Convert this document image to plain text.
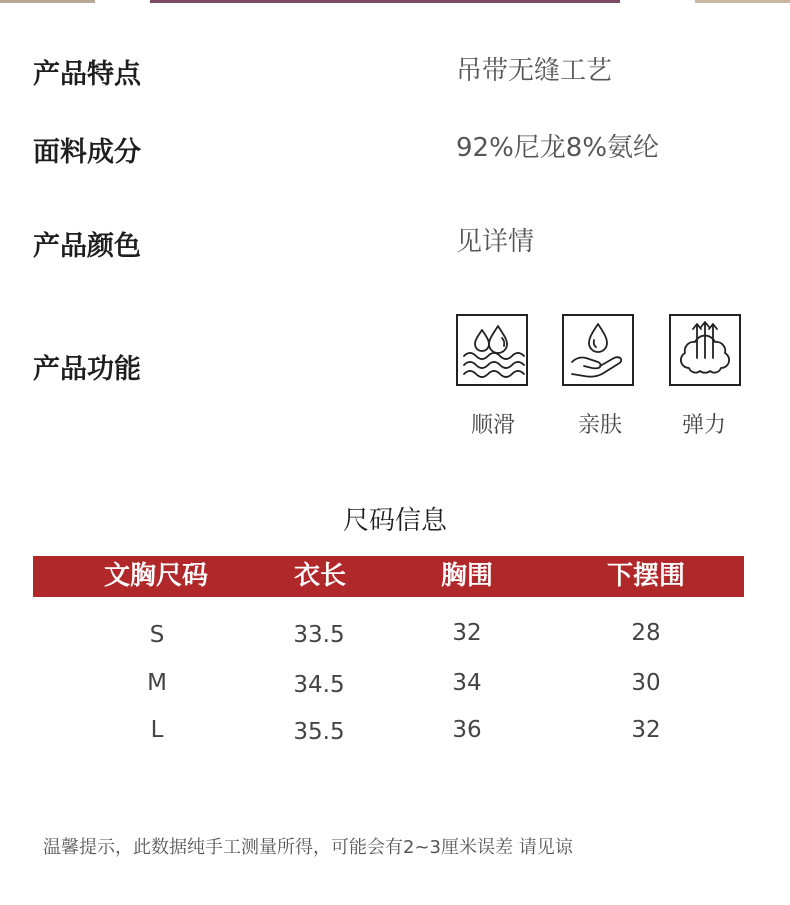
产品特点	吊带无缝工艺
面料成分	92%尼龙8%氨纶
产品颜色	见详情
产品功能
顺滑	亲肤	弹力
尺码信息
文胸尺码	衣长	胸围	下摆围
S	33.5	32	28
M	34.5	34	30
L	35.5	36	32
温馨提示，此数据纯手工测量所得，可能会有2~3厘米误差 请见谅
